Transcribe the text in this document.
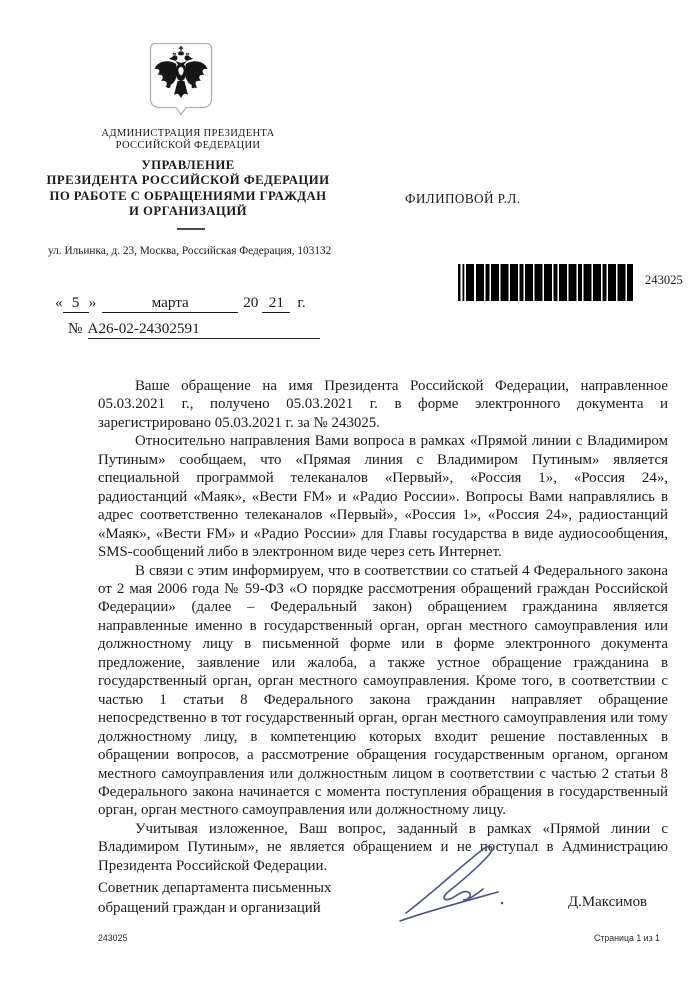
АДМИНИСТРАЦИЯ ПРЕЗИДЕНТА
РОССИЙСКОЙ ФЕДЕРАЦИИ
УПРАВЛЕНИЕ
ПРЕЗИДЕНТА РОССИЙСКОЙ ФЕДЕРАЦИИ
ПО РАБОТЕ С ОБРАЩЕНИЯМИ ГРАЖДАН
И ОРГАНИЗАЦИЙ
ул. Ильинка, д. 23, Москва, Российская Федерация, 103132
ФИЛИПОВОЙ Р.Л.
243025
« 5 »	марта	20 21 г.
№ А26-02-24302591

Ваше обращение на имя Президента Российской Федерации, направленное 05.03.2021 г., получено 05.03.2021 г. в форме электронного документа и зарегистрировано 05.03.2021 г. за № 243025.

Относительно направления Вами вопроса в рамках «Прямой линии с Владимиром Путиным» сообщаем, что «Прямая линия с Владимиром Путиным» является специальной программой телеканалов «Первый», «Россия 1», «Россия 24», радиостанций «Маяк», «Вести FM» и «Радио России». Вопросы Вами направлялись в адрес соответственно телеканалов «Первый», «Россия 1», «Россия 24», радиостанций «Маяк», «Вести FM» и «Радио России» для Главы государства в виде аудиосообщения, SMS-сообщений либо в электронном виде через сеть Интернет.

В связи с этим информируем, что в соответствии со статьей 4 Федерального закона от 2 мая 2006 года № 59-ФЗ «О порядке рассмотрения обращений граждан Российской Федерации» (далее – Федеральный закон) обращением гражданина является направленные именно в государственный орган, орган местного самоуправления или должностному лицу в письменной форме или в форме электронного документа предложение, заявление или жалоба, а также устное обращение гражданина в государственный орган, орган местного самоуправления. Кроме того, в соответствии с частью 1 статьи 8 Федерального закона гражданин направляет обращение непосредственно в тот государственный орган, орган местного самоуправления или тому должностному лицу, в компетенцию которых входит решение поставленных в обращении вопросов, а рассмотрение обращения государственным органом, органом местного самоуправления или должностным лицом в соответствии с частью 2 статьи 8 Федерального закона начинается с момента поступления обращения в государственный орган, орган местного самоуправления или должностному лицу.

Учитывая изложенное, Ваш вопрос, заданный в рамках «Прямой линии с Владимиром Путиным», не является обращением и не поступал в Администрацию Президента Российской Федерации.

Советник департамента письменных
обращений граждан и организаций	Д.Максимов
243025	Страница 1 из 1
